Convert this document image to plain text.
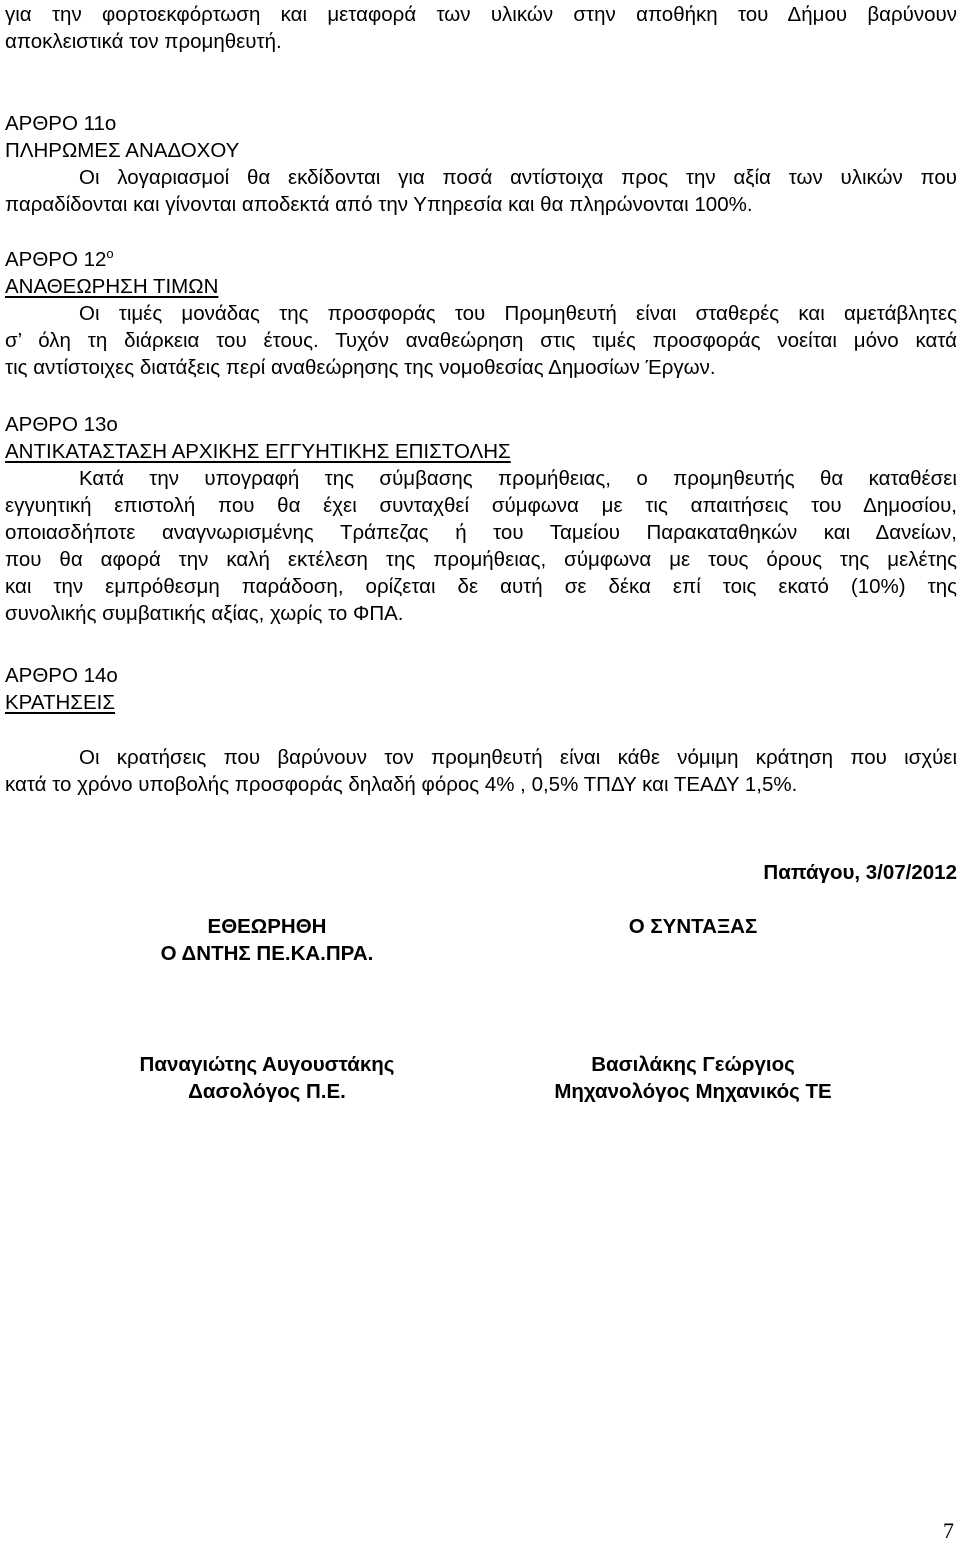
για την φορτοεκφόρτωση και μεταφορά των υλικών στην αποθήκη του Δήμου βαρύνουν
αποκλειστικά τον προμηθευτή.
ΑΡΘΡΟ 11ο
ΠΛΗΡΩΜΕΣ ΑΝΑΔΟΧΟΥ
Οι λογαριασμοί θα εκδίδονται για ποσά αντίστοιχα προς την αξία των υλικών που
παραδίδονται και γίνονται αποδεκτά από την Υπηρεσία και θα πληρώνονται 100%.
ΑΡΘΡΟ $12^o$
ΑΝΑΘΕΩΡΗΣΗ ΤΙΜΩΝ
Οι τιμές μονάδας της προσφοράς του Προμηθευτή είναι σταθερές και αμετάβλητες
σ’ όλη τη διάρκεια του έτους. Τυχόν αναθεώρηση στις τιμές προσφοράς νοείται μόνο κατά
τις αντίστοιχες διατάξεις περί αναθεώρησης της νομοθεσίας Δημοσίων Έργων.
ΑΡΘΡΟ 13ο
ΑΝΤΙΚΑΤΑΣΤΑΣΗ ΑΡΧΙΚΗΣ ΕΓΓΥΗΤΙΚΗΣ ΕΠΙΣΤΟΛΗΣ
Κατά την υπογραφή της σύμβασης προμήθειας, ο προμηθευτής θα καταθέσει
εγγυητική επιστολή που θα έχει συνταχθεί σύμφωνα με τις απαιτήσεις του Δημοσίου,
οποιασδήποτε αναγνωρισμένης Τράπεζας ή του Ταμείου Παρακαταθηκών και Δανείων,
που θα αφορά την καλή εκτέλεση της προμήθειας, σύμφωνα με τους όρους της μελέτης
και την εμπρόθεσμη παράδοση, ορίζεται δε αυτή σε δέκα επί τοις εκατό (10%) της
συνολικής συμβατικής αξίας, χωρίς το ΦΠΑ.
ΑΡΘΡΟ 14ο
ΚΡΑΤΗΣΕΙΣ
Οι κρατήσεις που βαρύνουν τον προμηθευτή είναι κάθε νόμιμη κράτηση που ισχύει
κατά το χρόνο υποβολής προσφοράς δηλαδή φόρος 4% , 0,5% ΤΠΔΥ και ΤΕΑΔΥ 1,5%.
Παπάγου, 3/07/2012
ΕΘΕΩΡΗΘΗ
Ο ΔΝΤΗΣ ΠΕ.ΚΑ.ΠΡΑ.
Ο ΣΥΝΤΑΞΑΣ
Παναγιώτης Αυγουστάκης
Δασολόγος Π.Ε.
Βασιλάκης Γεώργιος
Μηχανολόγος Μηχανικός ΤΕ
7
